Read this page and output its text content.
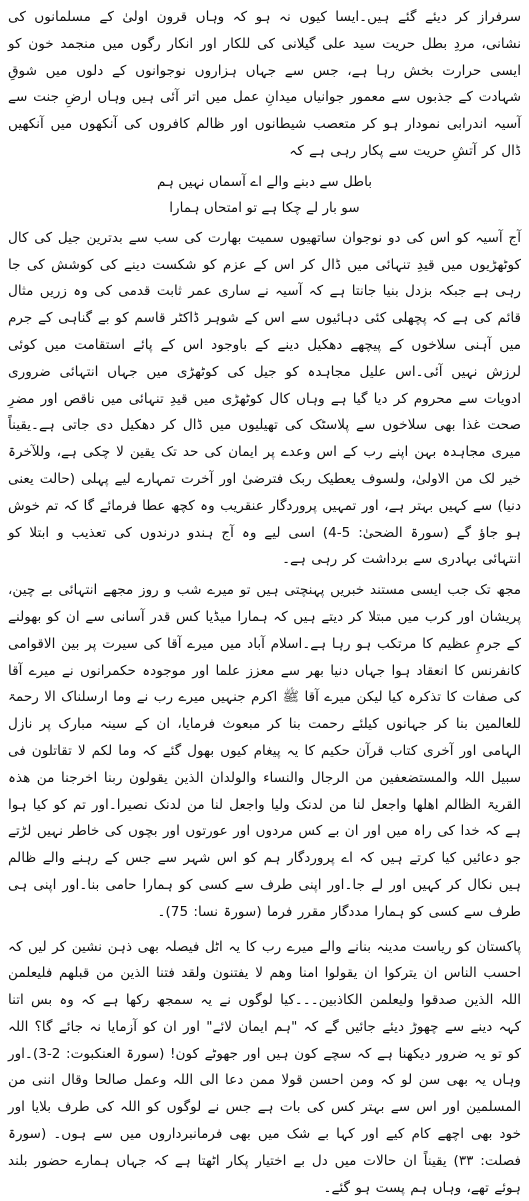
سرفراز کر دیئے گئے ہیں۔ایسا کیوں نہ ہو کہ وہاں قرون اولیٰ کے مسلمانوں کی نشانی، مردِ بطل حریت سید علی گیلانی کی للکار اور انکار رگوں میں منجمد خون کو ایسی حرارت بخش رہا ہے، جس سے جہاں ہزاروں نوجوانوں کے دلوں میں شوقِ شہادت کے جذبوں سے معمور جوانیاں میدانِ عمل میں اتر آئی ہیں وہاں ارضِ جنت سے آسیہ اندرابی نمودار ہو کر متعصب شیطانوں اور ظالم کافروں کی آنکھوں میں آنکھیں ڈال کر آتشِ حریت سے پکار رہی ہے کہ

باطل سے دبنے والے اے آسماں نہیں ہم

سو بار لے چکا ہے تو امتحاں ہمارا

آج آسیہ کو اس کی دو نوجوان ساتھیوں سمیت بھارت کی سب سے بدترین جیل کی کال کوٹھڑیوں میں قیدِ تنہائی میں ڈال کر اس کے عزم کو شکست دینے کی کوشش کی جا رہی ہے جبکہ بزدل بنیا جانتا ہے کہ آسیہ نے ساری عمر ثابت قدمی کی وہ زریں مثال قائم کی ہے کہ پچھلی کئی دہائیوں سے اس کے شوہر ڈاکٹر قاسم کو بے گناہی کے جرم میں آہنی سلاخوں کے پیچھے دھکیل دینے کے باوجود اس کے پائے استقامت میں کوئی لرزش نہیں آئی۔اس علیل مجاہدہ کو جیل کی کوٹھڑی میں جہاں انتہائی ضروری ادویات سے محروم کر دیا گیا ہے وہاں کال کوٹھڑی میں قیدِ تنہائی میں ناقص اور مضرِ صحت غذا بھی سلاخوں سے پلاسٹک کی تھیلیوں میں ڈال کر دھکیل دی جاتی ہے۔یقیناً میری مجاہدہ بہن اپنے رب کے اس وعدے پر ایمان کی حد تک یقین لا چکی ہے، وللآخرۃ خیر لک من الاولیٰ، ولسوف یعطیک ربک فترضیٰ اور آخرت تمہارے لیے پہلی (حالت یعنی دنیا) سے کہیں بہتر ہے، اور تمہیں پروردگار عنقریب وہ کچھ عطا فرمائے گا کہ تم خوش ہو جاؤ گے (سورۃ الضحیٰ: 5-4) اسی لیے وہ آج ہندو درندوں کی تعذیب و ابتلا کو انتہائی بہادری سے برداشت کر رہی ہے۔

مجھ تک جب ایسی مستند خبریں پہنچتی ہیں تو میرے شب و روز مجھے انتہائی بے چین، پریشان اور کرب میں مبتلا کر دیتے ہیں کہ ہمارا میڈیا کس قدر آسانی سے ان کو بھولنے کے جرمِ عظیم کا مرتکب ہو رہا ہے۔اسلام آباد میں میرے آقا کی سیرت پر بین الاقوامی کانفرنس کا انعقاد ہوا جہاں دنیا بھر سے معزز علما اور موجودہ حکمرانوں نے میرے آقا کی صفات کا تذکرہ کیا لیکن میرے آقا ﷺ اکرم جنہیں میرے رب نے وما ارسلناک الا رحمۃ للعالمین بنا کر جہانوں کیلئے رحمت بنا کر مبعوث فرمایا، ان کے سینہ مبارک پر نازل الہامی اور آخری کتاب قرآن حکیم کا یہ پیغام کیوں بھول گئے کہ وما لکم لا تقاتلون فی سبیل اللہ والمستضعفین من الرجال والنساء والولدان الذین یقولون ربنا اخرجنا من ھذہ القریۃ الظالم اھلھا واجعل لنا من لدنک ولیا واجعل لنا من لدنک نصیرا۔اور تم کو کیا ہوا ہے کہ خدا کی راہ میں اور ان بے کس مردوں اور عورتوں اور بچوں کی خاطر نہیں لڑتے جو دعائیں کیا کرتے ہیں کہ اے پروردگار ہم کو اس شہر سے جس کے رہنے والے ظالم ہیں نکال کر کہیں اور لے جا۔اور اپنی طرف سے کسی کو ہمارا حامی بنا۔اور اپنی ہی طرف سے کسی کو ہمارا مددگار مقرر فرما (سورۃ نسا: 75)۔

پاکستان کو ریاست مدینہ بنانے والے میرے رب کا یہ اٹل فیصلہ بھی ذہن نشین کر لیں کہ احسب الناس ان یترکوا ان یقولوا امنا وھم لا یفتنون ولقد فتنا الذین من قبلھم فلیعلمن اللہ الذین صدقوا ولیعلمن الکاذبین۔۔۔کیا لوگوں نے یہ سمجھ رکھا ہے کہ وہ بس اتنا کہہ دینے سے چھوڑ دیئے جائیں گے کہ "ہم ایمان لائے" اور ان کو آزمایا نہ جائے گا؟ اللہ کو تو یہ ضرور دیکھنا ہے کہ سچے کون ہیں اور جھوٹے کون! (سورۃ العنکبوت: 2-3)۔اور وہاں یہ بھی سن لو کہ ومن احسن قولا ممن دعا الی اللہ وعمل صالحا وقال اننی من المسلمین اور اس سے بہتر کس کی بات ہے جس نے لوگوں کو اللہ کی طرف بلایا اور خود بھی اچھے کام کیے اور کہا بے شک میں بھی فرمانبرداروں میں سے ہوں۔ (سورۃ فصلت: ۳۳) یقیناً ان حالات میں دل بے اختیار پکار اٹھتا ہے کہ جہاں ہمارے حضور بلند ہوئے تھے، وہاں ہم پست ہو گئے۔
